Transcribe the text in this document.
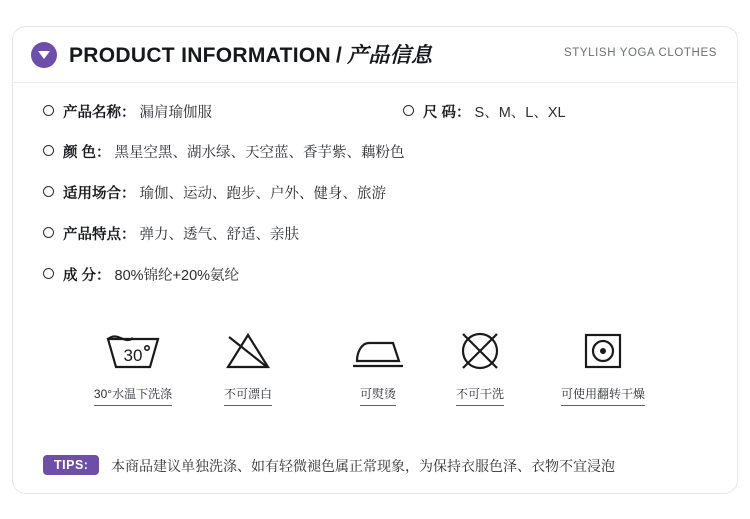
PRODUCT INFORMATION / 产品信息	STYLISH YOGA CLOTHES
产品名称： 漏肩瑜伽服	尺 码： S、M、L、XL
颜 色： 黑星空黑、湖水绿、天空蓝、香芋紫、藕粉色
适用场合： 瑜伽、运动、跑步、户外、健身、旅游
产品特点： 弹力、透气、舒适、亲肤
成 分： 80%锦纶+20%氨纶
30
30°水温下洗涤	不可漂白	可熨烫	不可干洗	可使用翻转干燥
TIPS:	本商品建议单独洗涤、如有轻微褪色属正常现象，为保持衣服色泽、衣物不宜浸泡
